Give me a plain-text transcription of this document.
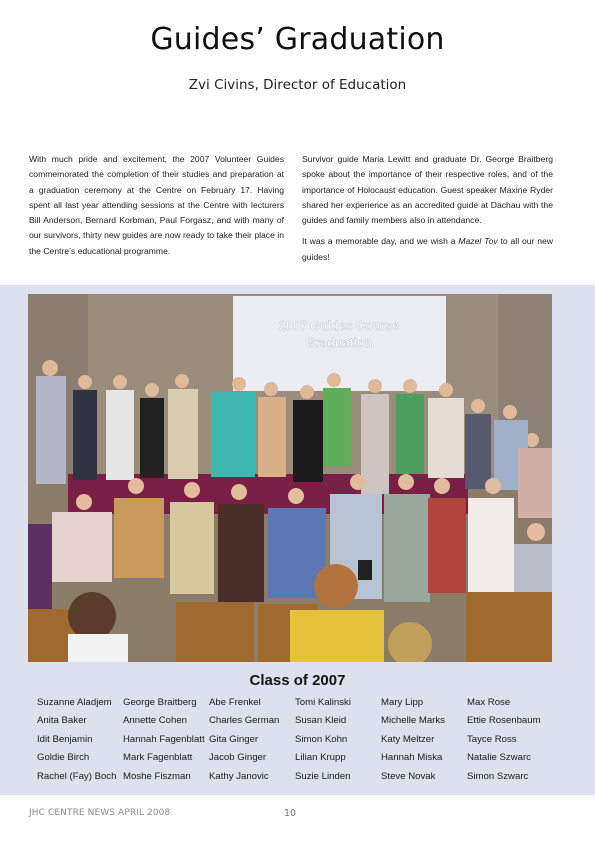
Guides’ Graduation
Zvi Civins, Director of Education

With much pride and excitement, the 2007 Volunteer Guides commemorated the completion of their studies and preparation at a graduation ceremony at the Centre on February 17. Having spent all last year attending sessions at the Centre with lecturers Bill Anderson, Bernard Korbman, Paul Forgasz, and with many of our survivors, thirty new guides are now ready to take their place in the Centre’s educational programme.

Survivor guide Maria Lewitt and graduate Dr. George Braitberg spoke about the importance of their respective roles, and of the importance of Holocaust education. Guest speaker Maxine Ryder shared her experience as an accredited guide at Dachau with the guides and family members also in attendance.

It was a memorable day, and we wish a Mazel Tov to all our new guides!

2007 Guides Course
Graduation
Class of 2007
Suzanne Aladjem
Anita Baker
Idit Benjamin
Goldie Birch
Rachel (Fay) Boch
George Braitberg
Annette Cohen
Hannah Fagenblatt
Mark Fagenblatt
Moshe Fiszman
Abe Frenkel
Charles German
Gita Ginger
Jacob Ginger
Kathy Janovic
Tomi Kalinski
Susan Kleid
Simon Kohn
Lilian Krupp
Suzie Linden
Mary Lipp
Michelle Marks
Katy Meltzer
Hannah Miska
Steve Novak
Max Rose
Ettie Rosenbaum
Tayce Ross
Natalie Szwarc
Simon Szwarc
JHC CENTRE NEWS APRIL 2008	10
